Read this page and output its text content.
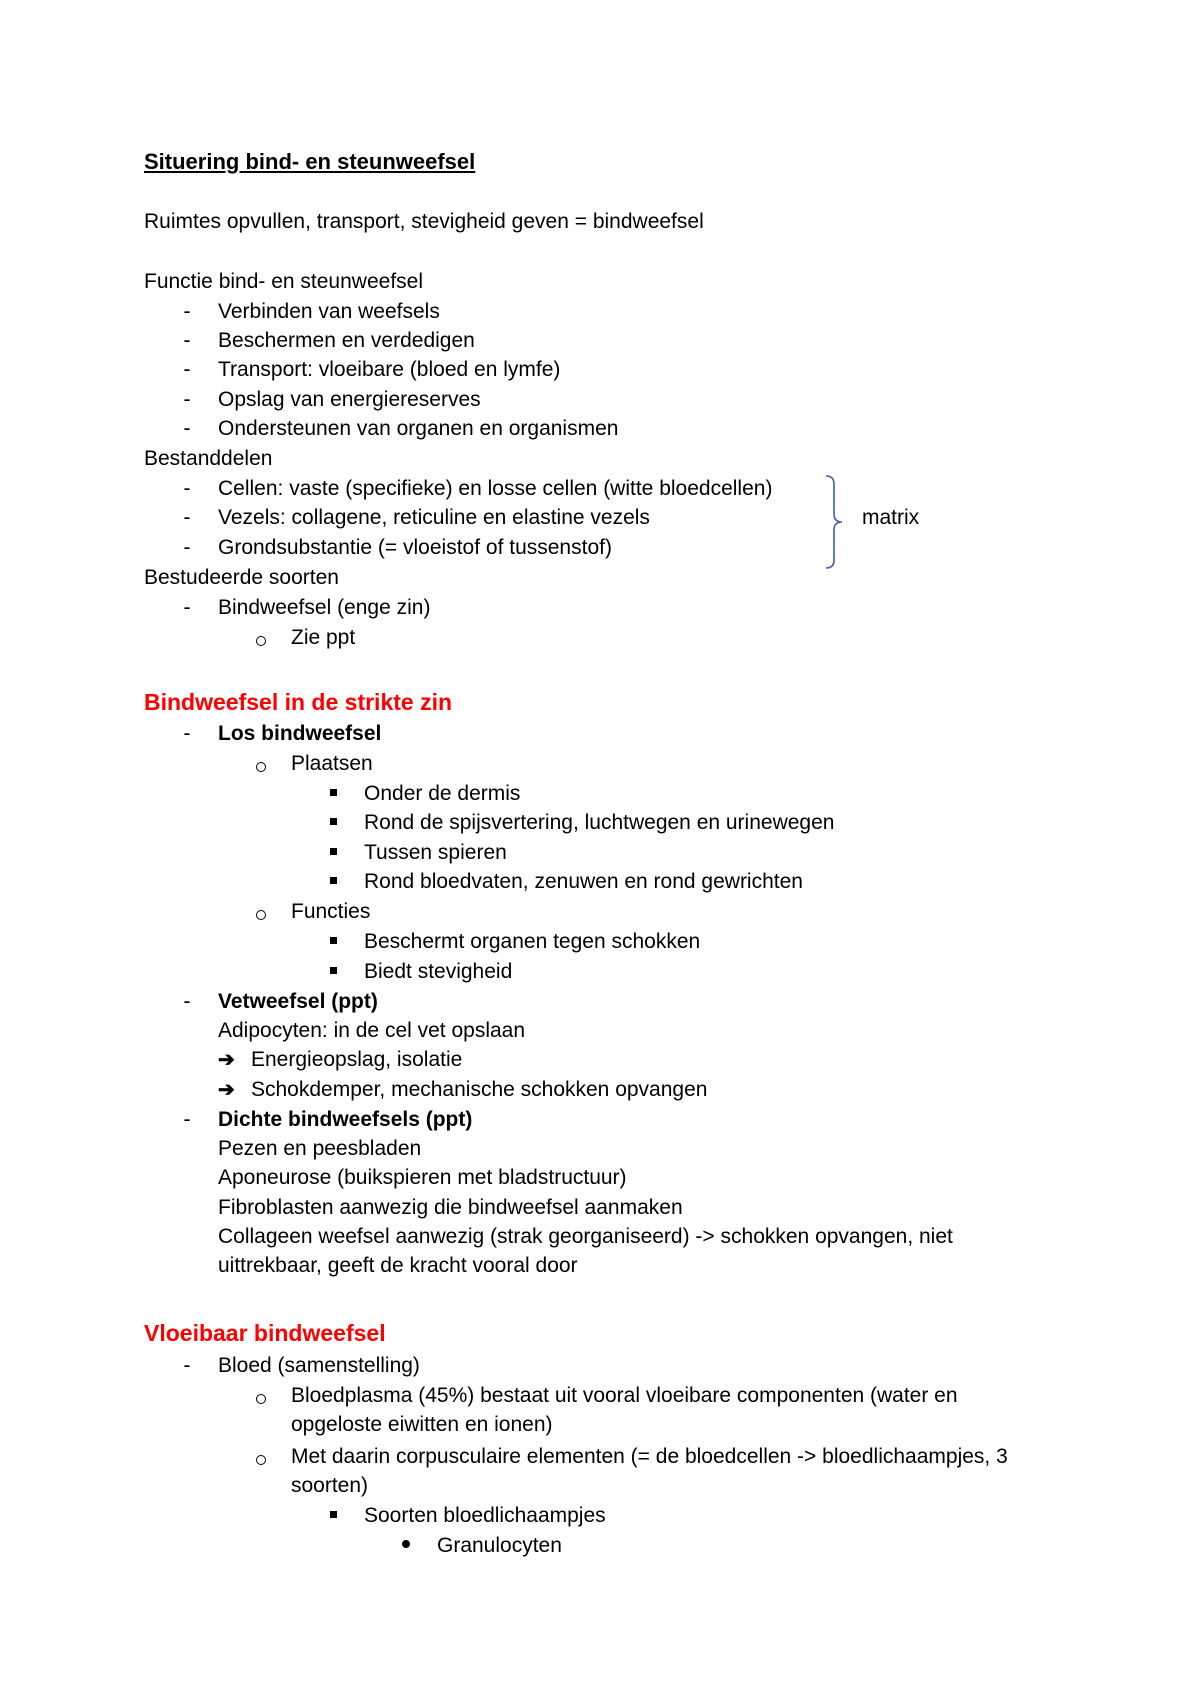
Situering bind- en steunweefsel
Ruimtes opvullen, transport, stevigheid geven = bindweefsel
Functie bind- en steunweefsel
-	Verbinden van weefsels
-	Beschermen en verdedigen
-	Transport: vloeibare (bloed en lymfe)
-	Opslag van energiereserves
-	Ondersteunen van organen en organismen
Bestanddelen
-	Cellen: vaste (specifieke) en losse cellen (witte bloedcellen)
-	Vezels: collagene, reticuline en elastine vezels
-	Grondsubstantie (= vloeistof of tussenstof)
matrix
Bestudeerde soorten
-	Bindweefsel (enge zin)
Zie ppt
Bindweefsel in de strikte zin
-	Los bindweefsel
Plaatsen
Onder de dermis
Rond de spijsvertering, luchtwegen en urinewegen
Tussen spieren
Rond bloedvaten, zenuwen en rond gewrichten
Functies
Beschermt organen tegen schokken
Biedt stevigheid
-	Vetweefsel (ppt)
Adipocyten: in de cel vet opslaan
➔ Energieopslag, isolatie
➔ Schokdemper, mechanische schokken opvangen
-	Dichte bindweefsels (ppt)
Pezen en peesbladen
Aponeurose (buikspieren met bladstructuur)
Fibroblasten aanwezig die bindweefsel aanmaken
Collageen weefsel aanwezig (strak georganiseerd) -> schokken opvangen, niet
uittrekbaar, geeft de kracht vooral door
Vloeibaar bindweefsel
-	Bloed (samenstelling)
Bloedplasma (45%) bestaat uit vooral vloeibare componenten (water en
opgeloste eiwitten en ionen)
Met daarin corpusculaire elementen (= de bloedcellen -> bloedlichaampjes, 3
soorten)
Soorten bloedlichaampjes
Granulocyten
